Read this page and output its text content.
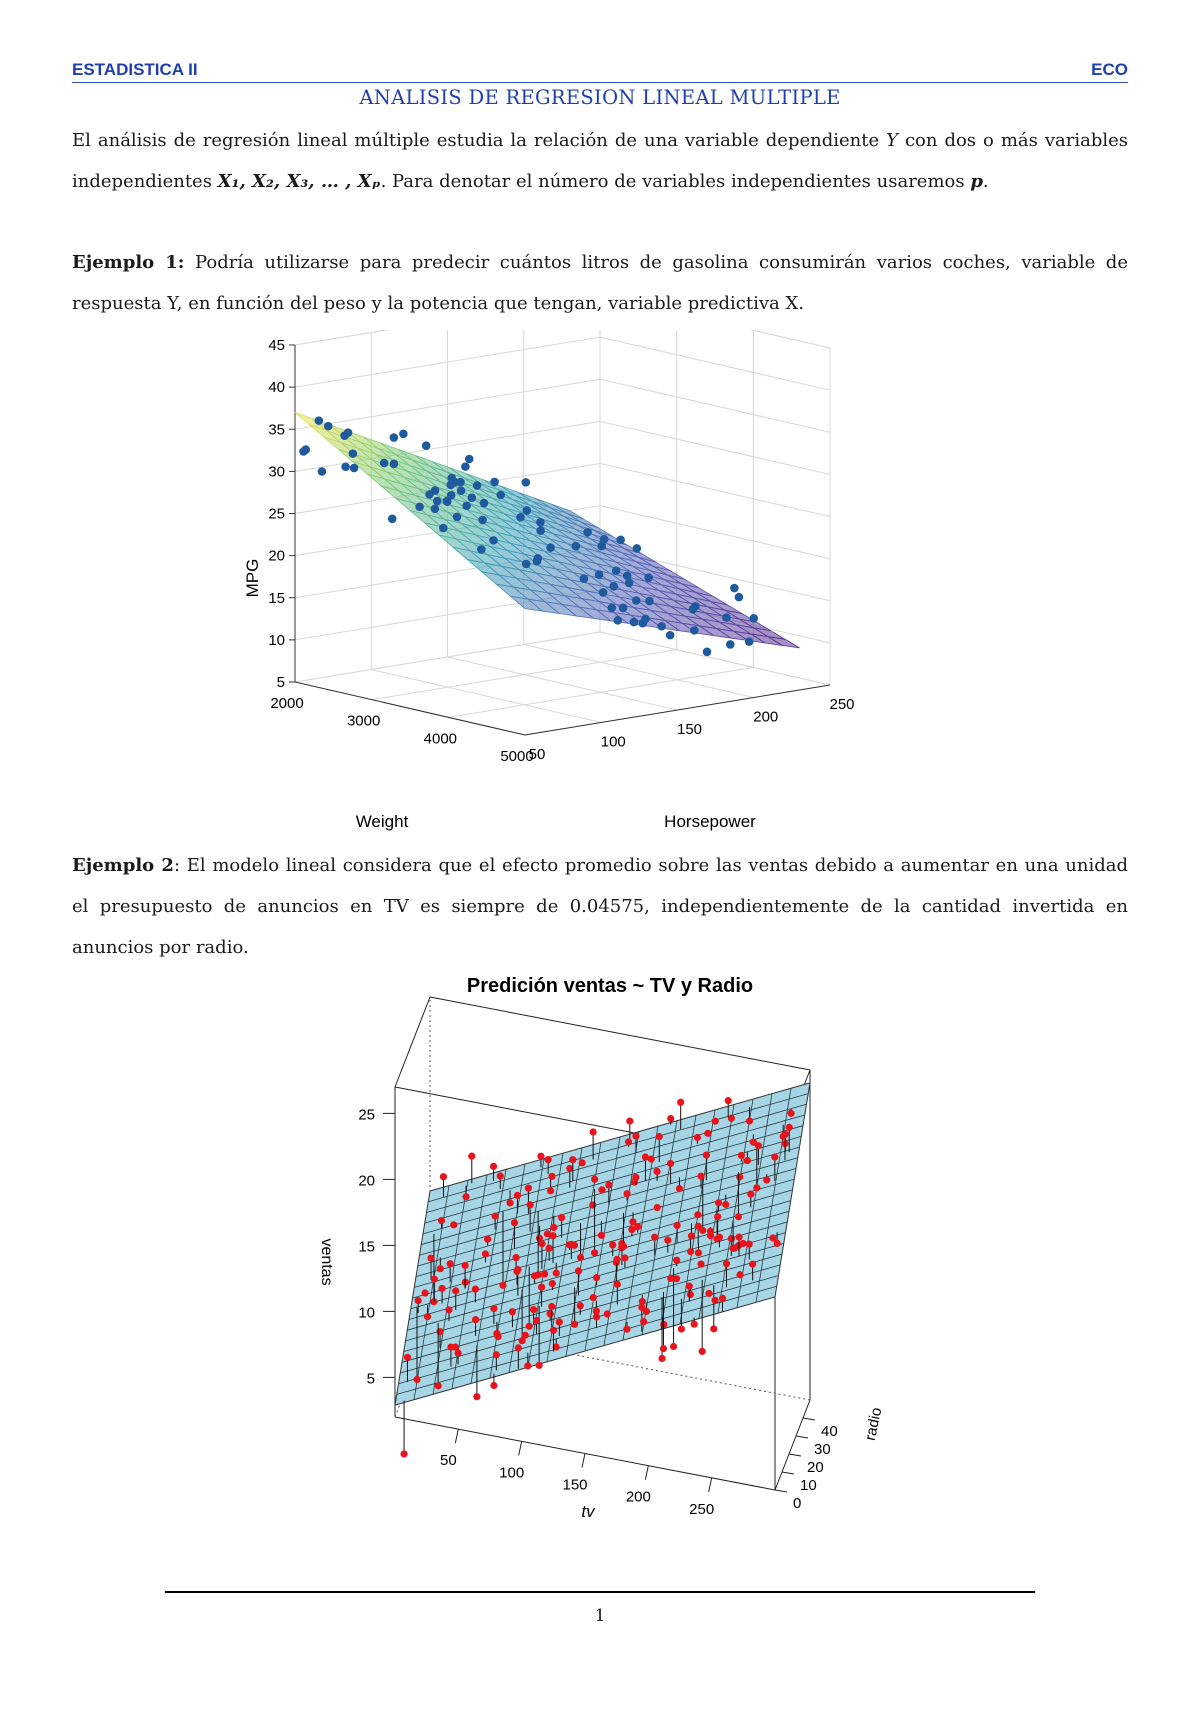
ESTADISTICA II	ECO
ANALISIS DE REGRESION LINEAL MULTIPLE
El análisis de regresión lineal múltiple estudia la relación de una variable dependiente Y con dos o más variables independientes X₁, X₂, X₃, … , Xₚ. Para denotar el número de variables independientes usaremos p.
Ejemplo 1: Podría utilizarse para predecir cuántos litros de gasolina consumirán varios coches, variable de respuesta Y, en función del peso y la potencia que tengan, variable predictiva X.
5
10
15
20
25
30
35
40
45
2000
3000
4000
5000
50
100
150
200
250
MPG
Weight	Horsepower
Ejemplo 2: El modelo lineal considera que el efecto promedio sobre las ventas debido a aumentar en una unidad el presupuesto de anuncios en TV es siempre de 0.04575, independientemente de la cantidad invertida en anuncios por radio.
Predición ventas ~ TV y Radio
5
10
15
20
25
50
100
150
200
250	0
10
20
30
40
ventas
tv
radio
1
